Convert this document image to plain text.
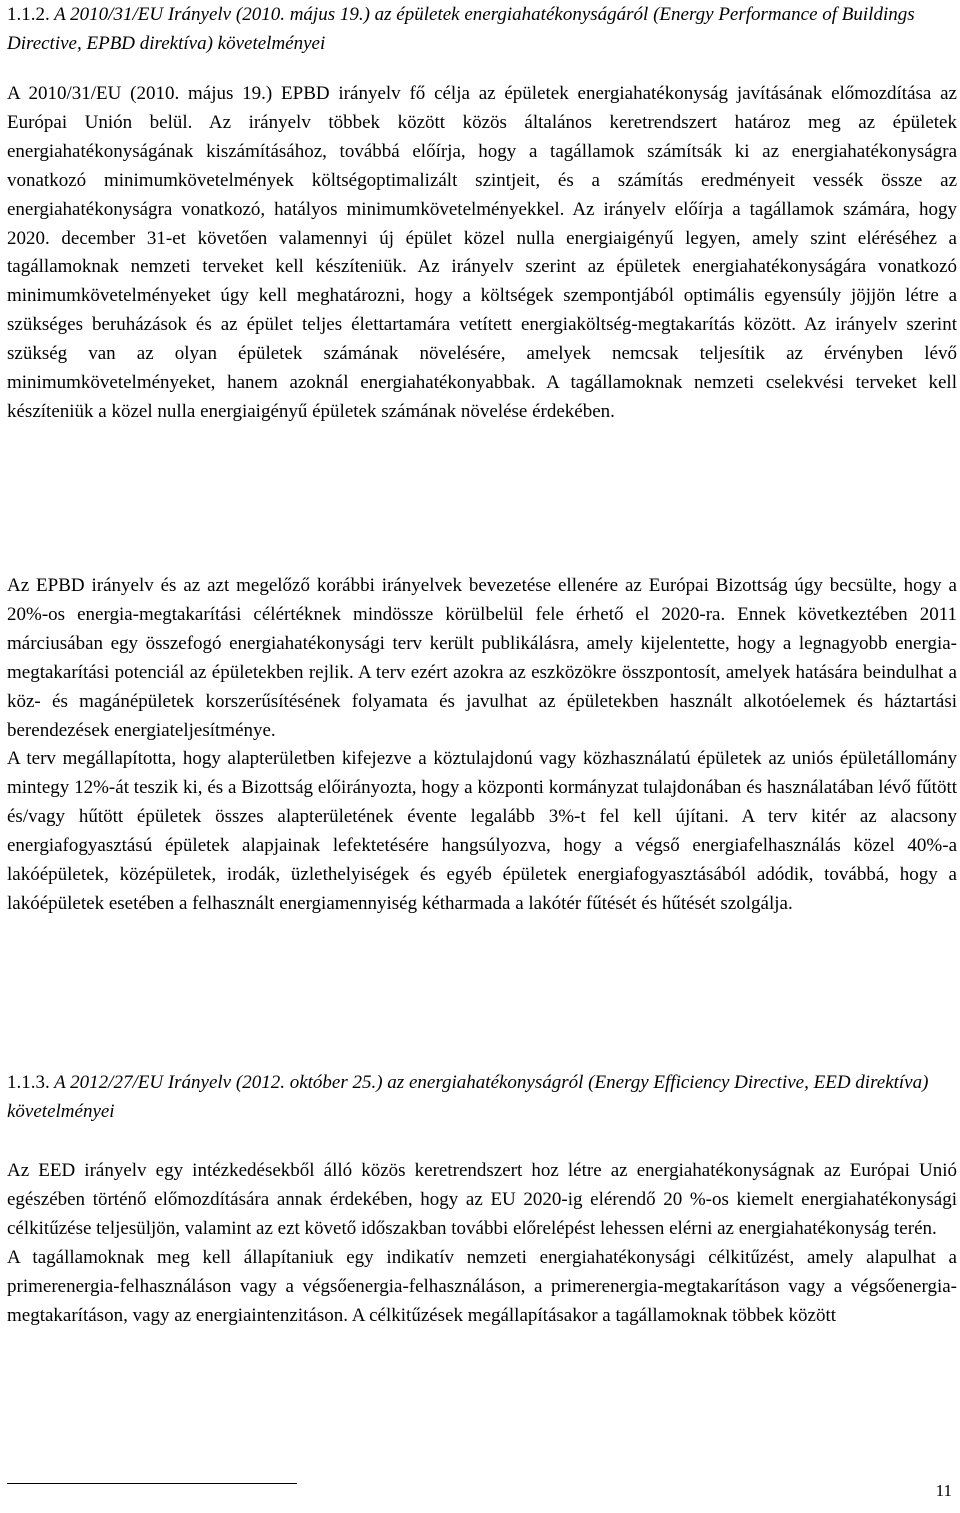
1.1.2. A 2010/31/EU Irányelv (2010. május 19.) az épületek energiahatékonyságáról (Energy Performance of Buildings Directive, EPBD direktíva) követelményei
A 2010/31/EU (2010. május 19.) EPBD irányelv fő célja az épületek energiahatékonyság javításának előmozdítása az Európai Unión belül. Az irányelv többek között közös általános keretrendszert határoz meg az épületek energiahatékonyságának kiszámításához, továbbá előírja, hogy a tagállamok számítsák ki az energiahatékonyságra vonatkozó minimumkövetelmények költségoptimalizált szintjeit, és a számítás eredményeit vessék össze az energiahatékonyságra vonatkozó, hatályos minimumkövetelményekkel. Az irányelv előírja a tagállamok számára, hogy 2020. december 31-et követően valamennyi új épület közel nulla energiaigényű legyen, amely szint eléréséhez a tagállamoknak nemzeti terveket kell készíteniük. Az irányelv szerint az épületek energiahatékonyságára vonatkozó minimumkövetelményeket úgy kell meghatározni, hogy a költségek szempontjából optimális egyensúly jöjjön létre a szükséges beruházások és az épület teljes élettartamára vetített energiaköltség-megtakarítás között. Az irányelv szerint szükség van az olyan épületek számának növelésére, amelyek nemcsak teljesítik az érvényben lévő minimumkövetelményeket, hanem azoknál energiahatékonyabbak. A tagállamoknak nemzeti cselekvési terveket kell készíteniük a közel nulla energiaigényű épületek számának növelése érdekében.
Az EPBD irányelv és az azt megelőző korábbi irányelvek bevezetése ellenére az Európai Bizottság úgy becsülte, hogy a 20%-os energia-megtakarítási célértéknek mindössze körülbelül fele érhető el 2020-ra. Ennek következtében 2011 márciusában egy összefogó energiahatékonysági terv került publikálásra, amely kijelentette, hogy a legnagyobb energia-megtakarítási potenciál az épületekben rejlik. A terv ezért azokra az eszközökre összpontosít, amelyek hatására beindulhat a köz- és magánépületek korszerűsítésének folyamata és javulhat az épületekben használt alkotóelemek és háztartási berendezések energiateljesítménye.
A terv megállapította, hogy alapterületben kifejezve a köztulajdonú vagy közhasználatú épületek az uniós épületállomány mintegy 12%-át teszik ki, és a Bizottság előirányozta, hogy a központi kormányzat tulajdonában és használatában lévő fűtött és/vagy hűtött épületek összes alapterületének évente legalább 3%-t fel kell újítani. A terv kitér az alacsony energiafogyasztású épületek alapjainak lefektetésére hangsúlyozva, hogy a végső energiafelhasználás közel 40%-a lakóépületek, középületek, irodák, üzlethelyiségek és egyéb épületek energiafogyasztásából adódik, továbbá, hogy a lakóépületek esetében a felhasznált energiamennyiség kétharmada a lakótér fűtését és hűtését szolgálja.
1.1.3. A 2012/27/EU Irányelv (2012. október 25.) az energiahatékonyságról (Energy Efficiency Directive, EED direktíva) követelményei
Az EED irányelv egy intézkedésekből álló közös keretrendszert hoz létre az energiahatékonyságnak az Európai Unió egészében történő előmozdítására annak érdekében, hogy az EU 2020-ig elérendő 20 %-os kiemelt energiahatékonysági célkitűzése teljesüljön, valamint az ezt követő időszakban további előrelépést lehessen elérni az energiahatékonyság terén.
A tagállamoknak meg kell állapítaniuk egy indikatív nemzeti energiahatékonysági célkitűzést, amely alapulhat a primerenergia-felhasználáson vagy a végsőenergia-felhasználáson, a primerenergia-megtakarításon vagy a végsőenergia-megtakarításon, vagy az energiaintenzitáson. A célkitűzések megállapításakor a tagállamoknak többek között
11
